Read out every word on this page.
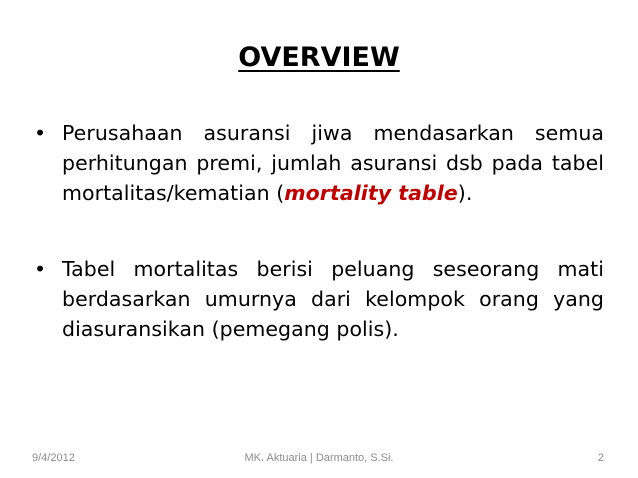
OVERVIEW
• Perusahaan asuransi jiwa mendasarkan semua perhitungan premi, jumlah asuransi dsb pada tabel mortalitas/kematian (mortality table).
• Tabel mortalitas berisi peluang seseorang mati berdasarkan umurnya dari kelompok orang yang diasuransikan (pemegang polis).
9/4/2012	MK. Aktuaria | Darmanto, S.Si.	2
